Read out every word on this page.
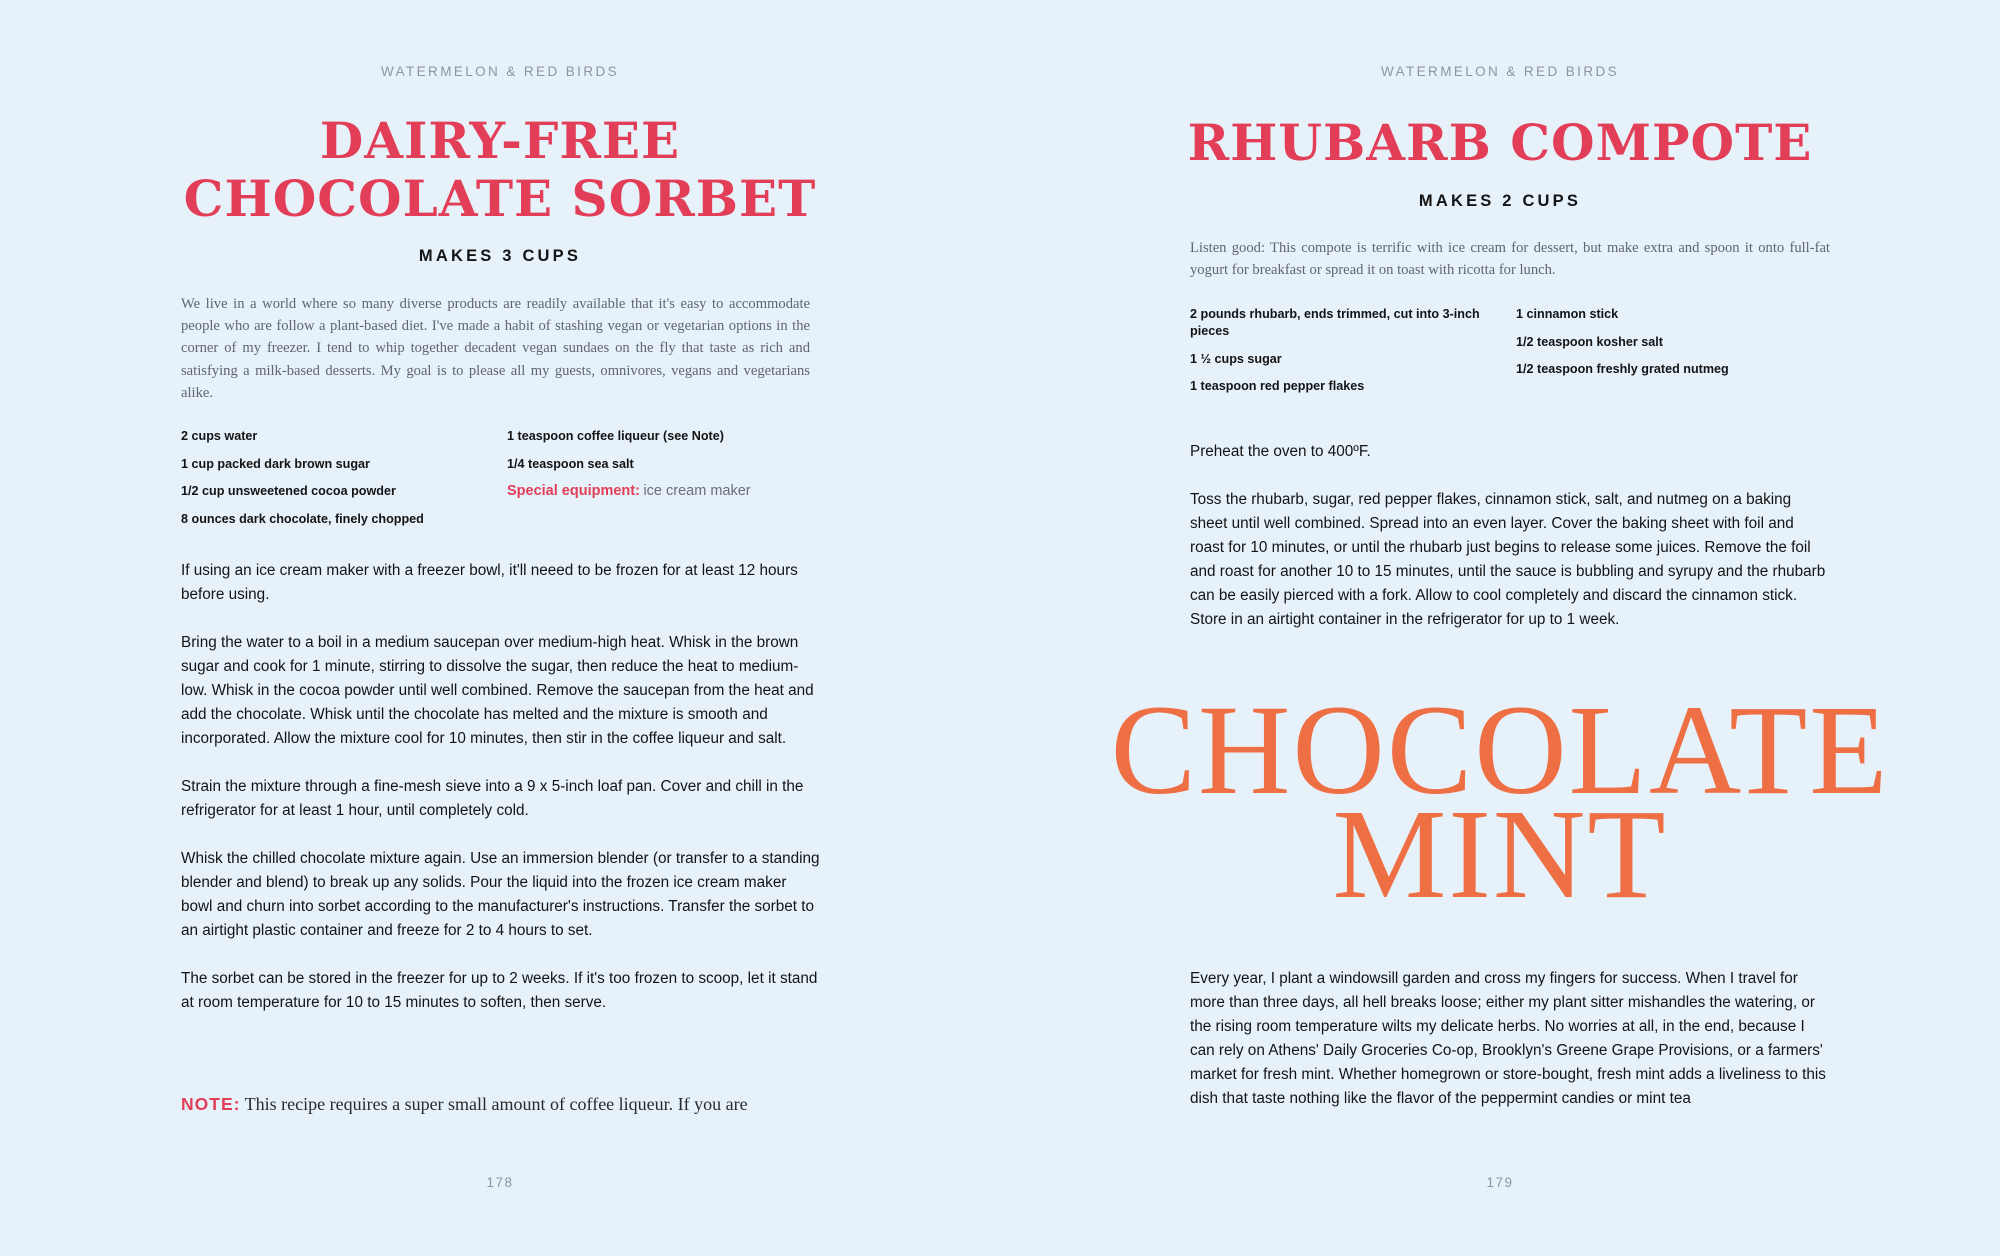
WATERMELON & RED BIRDS
DAIRY-FREE
CHOCOLATE SORBET
MAKES 3 CUPS

We live in a world where so many diverse products are readily available that it's easy to accommodate people who are follow a plant-based diet. I've made a habit of stashing vegan or vegetarian options in the corner of my freezer. I tend to whip together decadent vegan sundaes on the fly that taste as rich and satisfying a milk-based desserts. My goal is to please all my guests, omnivores, vegans and vegetarians alike.

2 cups water
1 cup packed dark brown sugar
1/2 cup unsweetened cocoa powder
8 ounces dark chocolate, finely chopped
1 teaspoon coffee liqueur (see Note)
1/4 teaspoon sea salt
Special equipment: ice cream maker

If using an ice cream maker with a freezer bowl, it'll neeed to be frozen for at least 12 hours before using.

Bring the water to a boil in a medium saucepan over medium-high heat. Whisk in the brown sugar and cook for 1 minute, stirring to dissolve the sugar, then reduce the heat to medium-low. Whisk in the cocoa powder until well combined. Remove the saucepan from the heat and add the chocolate. Whisk until the chocolate has melted and the mixture is smooth and incorporated. Allow the mixture cool for 10 minutes, then stir in the coffee liqueur and salt.

Strain the mixture through a fine-mesh sieve into a 9 x 5-inch loaf pan. Cover and chill in the refrigerator for at least 1 hour, until completely cold.

Whisk the chilled chocolate mixture again. Use an immersion blender (or transfer to a standing blender and blend) to break up any solids. Pour the liquid into the frozen ice cream maker bowl and churn into sorbet according to the manufacturer's instructions. Transfer the sorbet to an airtight plastic container and freeze for 2 to 4 hours to set.

The sorbet can be stored in the freezer for up to 2 weeks. If it's too frozen to scoop, let it stand at room temperature for 10 to 15 minutes to soften, then serve.

NOTE: This recipe requires a super small amount of coffee liqueur. If you are
178
WATERMELON & RED BIRDS
RHUBARB COMPOTE
MAKES 2 CUPS

Listen good: This compote is terrific with ice cream for dessert, but make extra and spoon it onto full-fat yogurt for breakfast or spread it on toast with ricotta for lunch.

2 pounds rhubarb, ends trimmed, cut into 3-inch pieces
1 ½ cups sugar
1 teaspoon red pepper flakes
1 cinnamon stick
1/2 teaspoon kosher salt
1/2 teaspoon freshly grated nutmeg

Preheat the oven to 400ºF.

Toss the rhubarb, sugar, red pepper flakes, cinnamon stick, salt, and nutmeg on a baking sheet until well combined. Spread into an even layer. Cover the baking sheet with foil and roast for 10 minutes, or until the rhubarb just begins to release some juices. Remove the foil and roast for another 10 to 15 minutes, until the sauce is bubbling and syrupy and the rhubarb can be easily pierced with a fork. Allow to cool completely and discard the cinnamon stick. Store in an airtight container in the refrigerator for up to 1 week.

CHOCOLATE
MINT

Every year, I plant a windowsill garden and cross my fingers for success. When I travel for more than three days, all hell breaks loose; either my plant sitter mishandles the watering, or the rising room temperature wilts my delicate herbs. No worries at all, in the end, because I can rely on Athens' Daily Groceries Co-op, Brooklyn's Greene Grape Provisions, or a farmers' market for fresh mint. Whether homegrown or store-bought, fresh mint adds a liveliness to this dish that taste nothing like the flavor of the peppermint candies or mint tea

179
